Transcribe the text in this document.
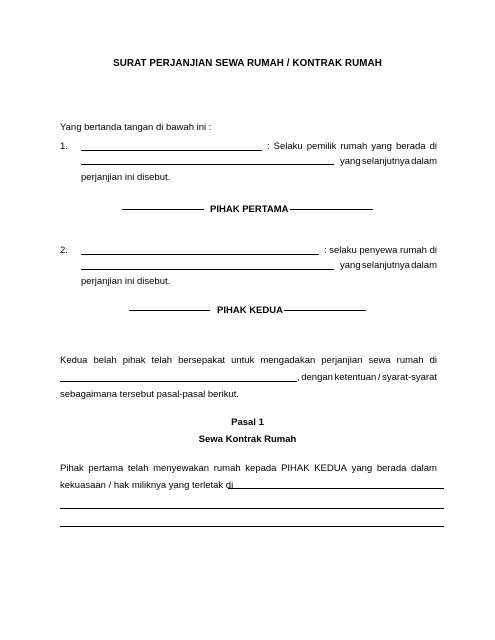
SURAT PERJANJIAN SEWA RUMAH / KONTRAK RUMAH
Yang bertanda tangan di bawah ini :
1.	: Selaku pemilik rumah yang berada di
yang selanjutnya dalam
perjanjian ini disebut.
PIHAK PERTAMA
2.	: selaku penyewa rumah di
yang selanjutnya dalam
perjanjian ini disebut.
PIHAK KEDUA
Kedua belah pihak telah bersepakat untuk mengadakan perjanjian sewa rumah di
, dengan ketentuan / syarat-syarat
sebagaimana tersebut pasal-pasal berikut.
Pasal 1
Sewa Kontrak Rumah
Pihak pertama telah menyewakan rumah kepada PIHAK KEDUA yang berada dalam
kekuasaan / hak miliknya yang terletak di
